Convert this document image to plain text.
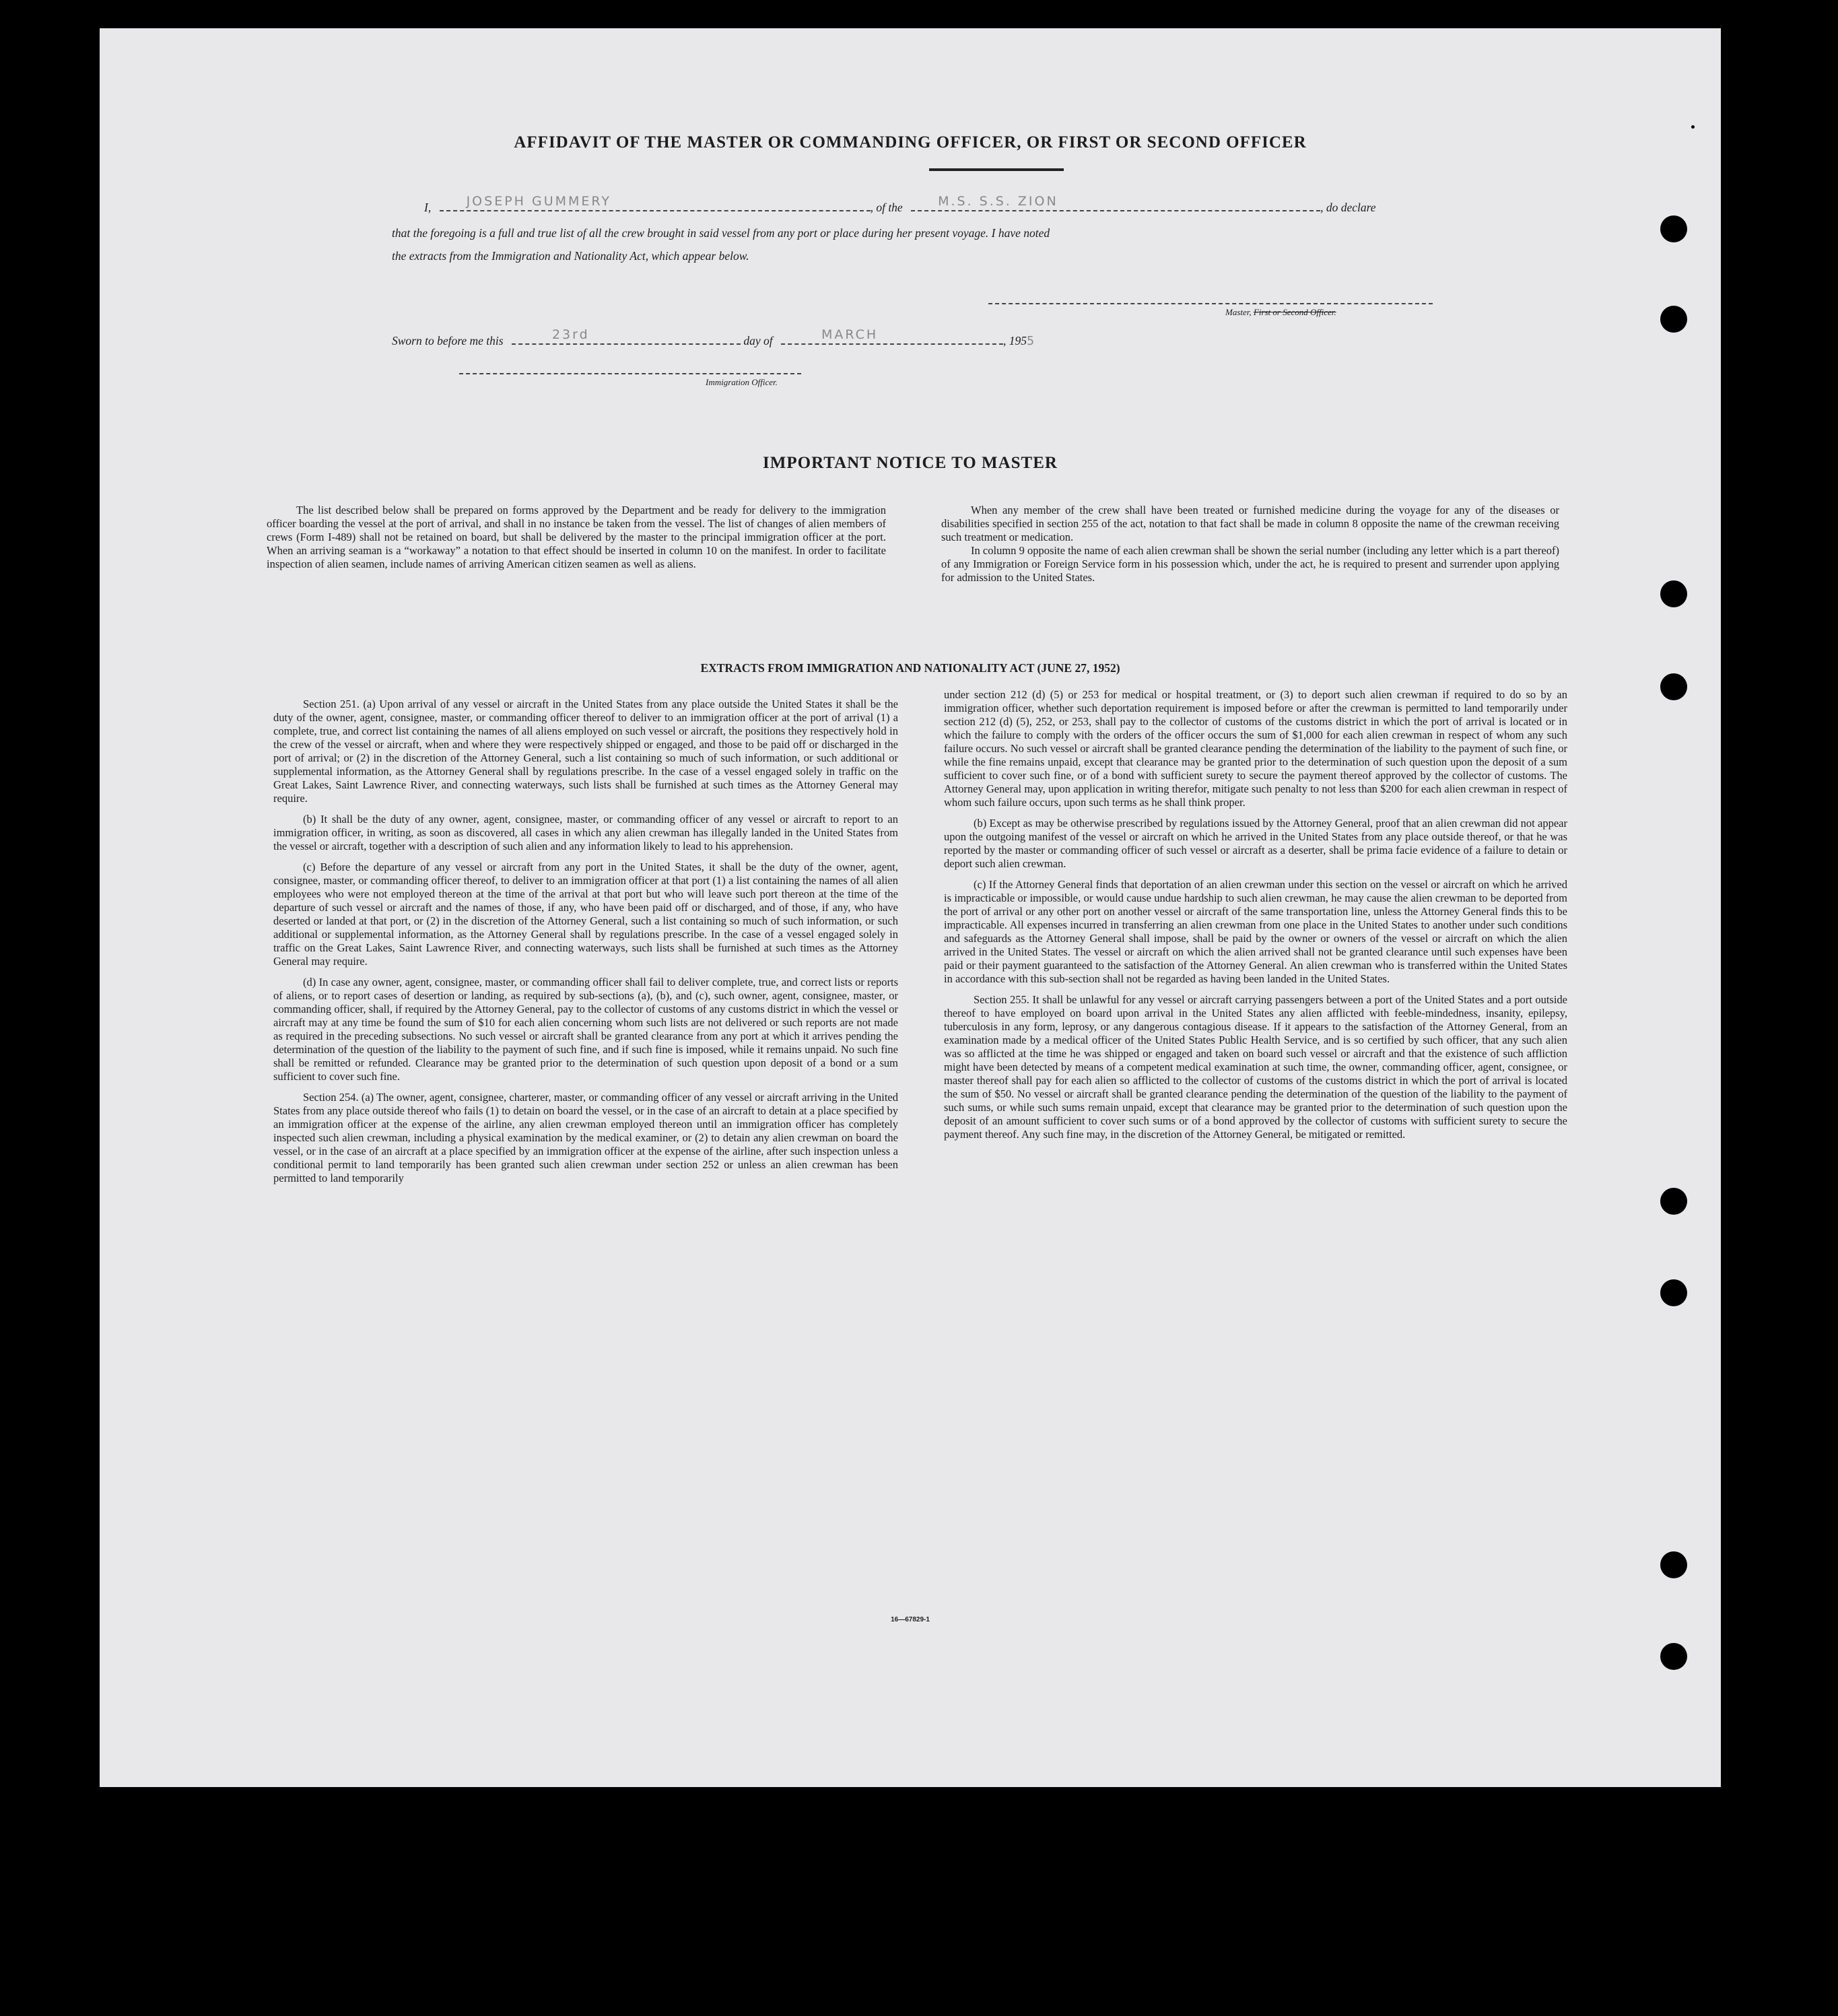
AFFIDAVIT OF THE MASTER OR COMMANDING OFFICER, OR FIRST OR SECOND OFFICER
I,	JOSEPH GUMMERY	, of the	M.S. S.S. ZION	, do declare
that the foregoing is a full and true list of all the crew brought in said vessel from any port or place during her present voyage. I have noted
the extracts from the Immigration and Nationality Act, which appear below.
Master, First or Second Officer.
Sworn to before me this	23rd	day of	MARCH	, 1955
Immigration Officer.
IMPORTANT NOTICE TO MASTER

The list described below shall be prepared on forms approved by the Department and be ready for delivery to the immigration officer boarding the vessel at the port of arrival, and shall in no instance be taken from the vessel. The list of changes of alien members of crews (Form I-489) shall not be retained on board, but shall be delivered by the master to the principal immigration officer at the port. When an arriving seaman is a “workaway” a notation to that effect should be inserted in column 10 on the manifest. In order to facilitate inspection of alien seamen, include names of arriving American citizen seamen as well as aliens.

When any member of the crew shall have been treated or furnished medicine during the voyage for any of the diseases or disabilities specified in section 255 of the act, notation to that fact shall be made in column 8 opposite the name of the crewman receiving such treatment or medication.

In column 9 opposite the name of each alien crewman shall be shown the serial number (including any letter which is a part thereof) of any Immigration or Foreign Service form in his possession which, under the act, he is required to present and surrender upon applying for admission to the United States.

EXTRACTS FROM IMMIGRATION AND NATIONALITY ACT (JUNE 27, 1952)

Section 251. (a) Upon arrival of any vessel or aircraft in the United States from any place outside the United States it shall be the duty of the owner, agent, consignee, master, or commanding officer thereof to deliver to an immigration officer at the port of arrival (1) a complete, true, and correct list containing the names of all aliens employed on such vessel or aircraft, the positions they respectively hold in the crew of the vessel or aircraft, when and where they were respectively shipped or engaged, and those to be paid off or discharged in the port of arrival; or (2) in the discretion of the Attorney General, such a list containing so much of such information, or such additional or supplemental information, as the Attorney General shall by regulations prescribe. In the case of a vessel engaged solely in traffic on the Great Lakes, Saint Lawrence River, and connecting waterways, such lists shall be furnished at such times as the Attorney General may require.

(b) It shall be the duty of any owner, agent, consignee, master, or commanding officer of any vessel or aircraft to report to an immigration officer, in writing, as soon as discovered, all cases in which any alien crewman has illegally landed in the United States from the vessel or aircraft, together with a description of such alien and any information likely to lead to his apprehension.

(c) Before the departure of any vessel or aircraft from any port in the United States, it shall be the duty of the owner, agent, consignee, master, or commanding officer thereof, to deliver to an immigration officer at that port (1) a list containing the names of all alien employees who were not employed thereon at the time of the arrival at that port but who will leave such port thereon at the time of the departure of such vessel or aircraft and the names of those, if any, who have been paid off or discharged, and of those, if any, who have deserted or landed at that port, or (2) in the discretion of the Attorney General, such a list containing so much of such information, or such additional or supplemental information, as the Attorney General shall by regulations prescribe. In the case of a vessel engaged solely in traffic on the Great Lakes, Saint Lawrence River, and connecting waterways, such lists shall be furnished at such times as the Attorney General may require.

(d) In case any owner, agent, consignee, master, or commanding officer shall fail to deliver complete, true, and correct lists or reports of aliens, or to report cases of desertion or landing, as required by sub-sections (a), (b), and (c), such owner, agent, consignee, master, or commanding officer, shall, if required by the Attorney General, pay to the collector of customs of any customs district in which the vessel or aircraft may at any time be found the sum of $10 for each alien concerning whom such lists are not delivered or such reports are not made as required in the preceding subsections. No such vessel or aircraft shall be granted clearance from any port at which it arrives pending the determination of the question of the liability to the payment of such fine, and if such fine is imposed, while it remains unpaid. No such fine shall be remitted or refunded. Clearance may be granted prior to the determination of such question upon deposit of a bond or a sum sufficient to cover such fine.

Section 254. (a) The owner, agent, consignee, charterer, master, or commanding officer of any vessel or aircraft arriving in the United States from any place outside thereof who fails (1) to detain on board the vessel, or in the case of an aircraft to detain at a place specified by an immigration officer at the expense of the airline, any alien crewman employed thereon until an immigration officer has completely inspected such alien crewman, including a physical examination by the medical examiner, or (2) to detain any alien crewman on board the vessel, or in the case of an aircraft at a place specified by an immigration officer at the expense of the airline, after such inspection unless a conditional permit to land temporarily has been granted such alien crewman under section 252 or unless an alien crewman has been permitted to land temporarily

under section 212 (d) (5) or 253 for medical or hospital treatment, or (3) to deport such alien crewman if required to do so by an immigration officer, whether such deportation requirement is imposed before or after the crewman is permitted to land temporarily under section 212 (d) (5), 252, or 253, shall pay to the collector of customs of the customs district in which the port of arrival is located or in which the failure to comply with the orders of the officer occurs the sum of $1,000 for each alien crewman in respect of whom any such failure occurs. No such vessel or aircraft shall be granted clearance pending the determination of the liability to the payment of such fine, or while the fine remains unpaid, except that clearance may be granted prior to the determination of such question upon the deposit of a sum sufficient to cover such fine, or of a bond with sufficient surety to secure the payment thereof approved by the collector of customs. The Attorney General may, upon application in writing therefor, mitigate such penalty to not less than $200 for each alien crewman in respect of whom such failure occurs, upon such terms as he shall think proper.

(b) Except as may be otherwise prescribed by regulations issued by the Attorney General, proof that an alien crewman did not appear upon the outgoing manifest of the vessel or aircraft on which he arrived in the United States from any place outside thereof, or that he was reported by the master or commanding officer of such vessel or aircraft as a deserter, shall be prima facie evidence of a failure to detain or deport such alien crewman.

(c) If the Attorney General finds that deportation of an alien crewman under this section on the vessel or aircraft on which he arrived is impracticable or impossible, or would cause undue hardship to such alien crewman, he may cause the alien crewman to be deported from the port of arrival or any other port on another vessel or aircraft of the same transportation line, unless the Attorney General finds this to be impracticable. All expenses incurred in transferring an alien crewman from one place in the United States to another under such conditions and safeguards as the Attorney General shall impose, shall be paid by the owner or owners of the vessel or aircraft on which the alien arrived in the United States. The vessel or aircraft on which the alien arrived shall not be granted clearance until such expenses have been paid or their payment guaranteed to the satisfaction of the Attorney General. An alien crewman who is transferred within the United States in accordance with this sub-section shall not be regarded as having been landed in the United States.

Section 255. It shall be unlawful for any vessel or aircraft carrying passengers between a port of the United States and a port outside thereof to have employed on board upon arrival in the United States any alien afflicted with feeble-mindedness, insanity, epilepsy, tuberculosis in any form, leprosy, or any dangerous contagious disease. If it appears to the satisfaction of the Attorney General, from an examination made by a medical officer of the United States Public Health Service, and is so certified by such officer, that any such alien was so afflicted at the time he was shipped or engaged and taken on board such vessel or aircraft and that the existence of such affliction might have been detected by means of a competent medical examination at such time, the owner, commanding officer, agent, consignee, or master thereof shall pay for each alien so afflicted to the collector of customs of the customs district in which the port of arrival is located the sum of $50. No vessel or aircraft shall be granted clearance pending the determination of the question of the liability to the payment of such sums, or while such sums remain unpaid, except that clearance may be granted prior to the determination of such question upon the deposit of an amount sufficient to cover such sums or of a bond approved by the collector of customs with sufficient surety to secure the payment thereof. Any such fine may, in the discretion of the Attorney General, be mitigated or remitted.

16—67829-1
